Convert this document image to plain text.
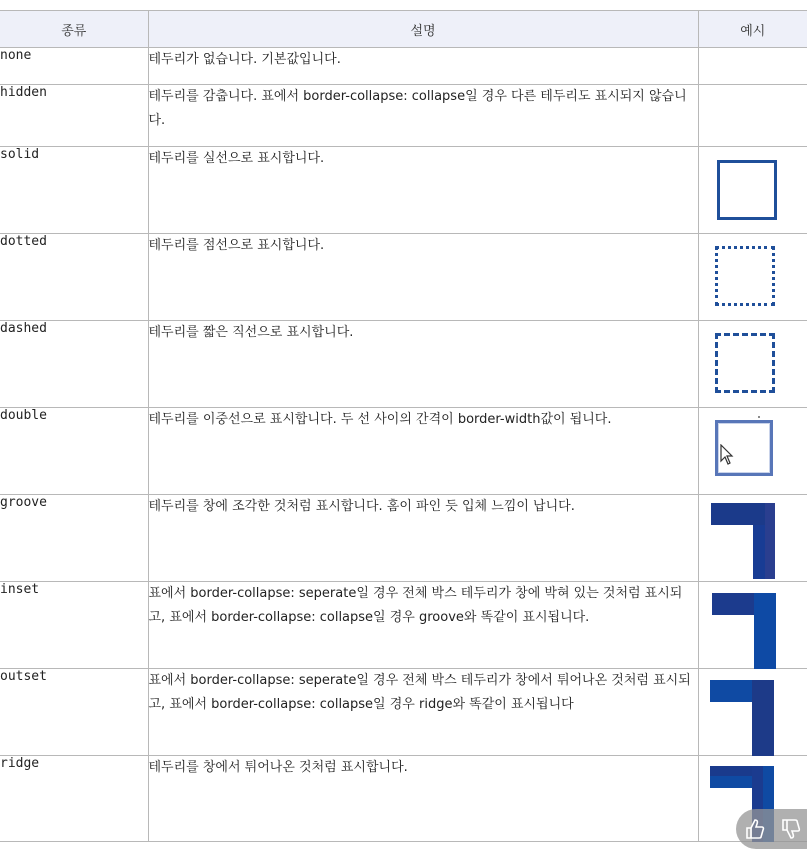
종류	설명	예시
none	테두리가 없습니다. 기본값입니다.	
hidden	테두리를 감춥니다. 표에서 border-collapse: collapse일 경우 다른 테두리도 표시되지 않습니다.	
solid	테두리를 실선으로 표시합니다.	

dotted	테두리를 점선으로 표시합니다.	

dashed	테두리를 짧은 직선으로 표시합니다.	

double	테두리를 이중선으로 표시합니다. 두 선 사이의 간격이 border-width값이 됩니다.	

groove	테두리를 창에 조각한 것처럼 표시합니다. 홈이 파인 듯 입체 느낌이 납니다.	

inset	표에서 border-collapse: seperate일 경우 전체 박스 테두리가 창에 박혀 있는 것처럼 표시되고, 표에서 border-collapse: collapse일 경우 groove와 똑같이 표시됩니다.	

outset	표에서 border-collapse: seperate일 경우 전체 박스 테두리가 창에서 튀어나온 것처럼 표시되고, 표에서 border-collapse: collapse일 경우 ridge와 똑같이 표시됩니다	

ridge	테두리를 창에서 튀어나온 것처럼 표시합니다.	
